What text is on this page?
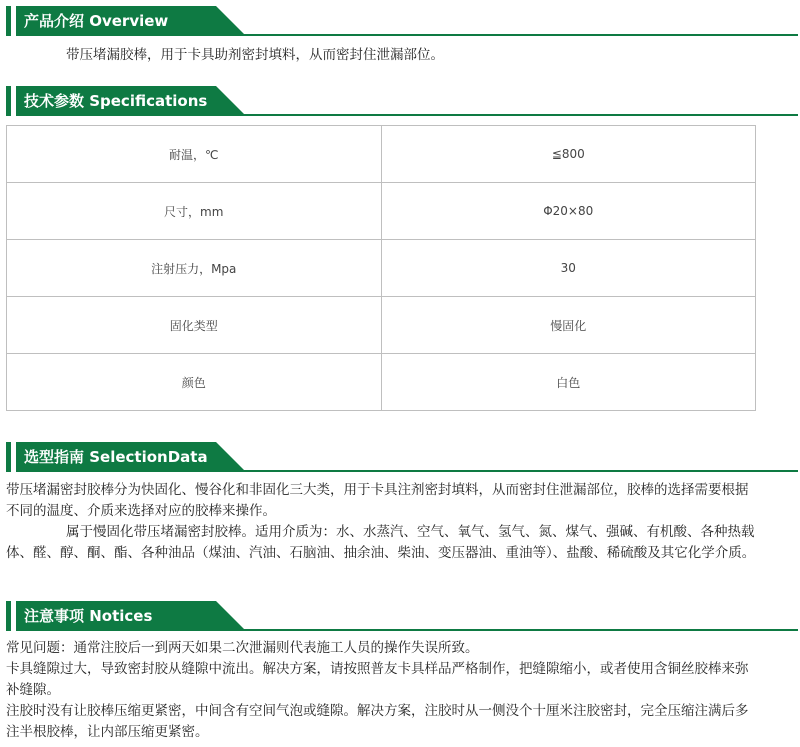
产品介绍 Overview

带压堵漏胶棒，用于卡具助剂密封填料，从而密封住泄漏部位。

技术参数 Specifications
耐温，℃	≦800
尺寸，mm	Φ20×80
注射压力，Mpa	30
固化类型	慢固化
颜色	白色
选型指南 SelectionData

带压堵漏密封胶棒分为快固化、慢谷化和非固化三大类，用于卡具注剂密封填料，从而密封住泄漏部位，胶棒的选择需要根据不同的温度、介质来选择对应的胶棒来操作。

属于慢固化带压堵漏密封胶棒。适用介质为：水、水蒸汽、空气、氧气、氢气、氮、煤气、强碱、有机酸、各种热载体、醛、醇、酮、酯、各种油品（煤油、汽油、石脑油、抽余油、柴油、变压器油、重油等）、盐酸、稀硫酸及其它化学介质。

注意事项 Notices

常见问题：通常注胶后一到两天如果二次泄漏则代表施工人员的操作失误所致。

卡具缝隙过大，导致密封胶从缝隙中流出。解决方案，请按照普友卡具样品严格制作，把缝隙缩小，或者使用含铜丝胶棒来弥补缝隙。

注胶时没有让胶棒压缩更紧密，中间含有空间气泡或缝隙。解决方案，注胶时从一侧没个十厘米注胶密封，完全压缩注满后多注半根胶棒，让内部压缩更紧密。
